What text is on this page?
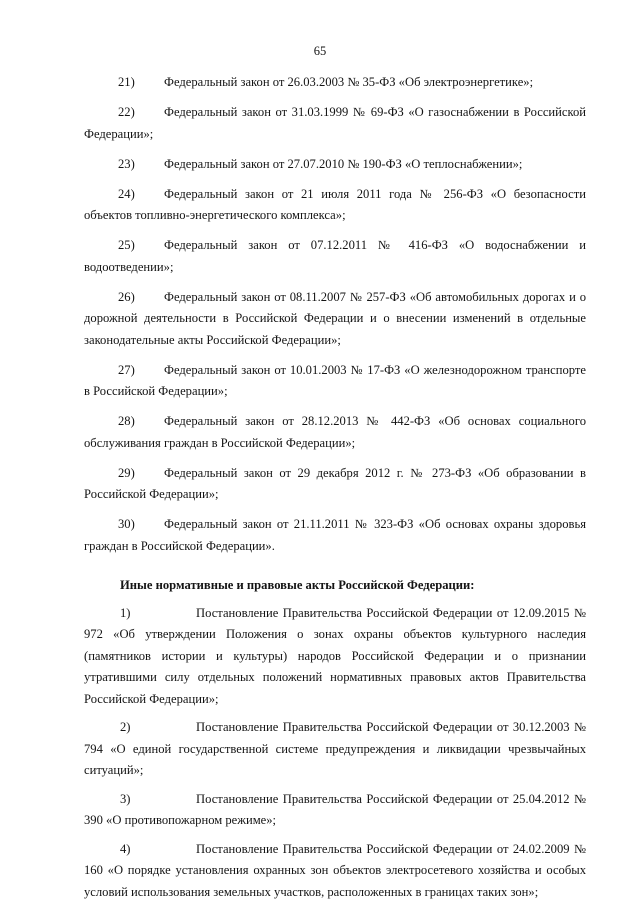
65

21) Федеральный закон от 26.03.2003 № 35-ФЗ «Об электроэнергетике»;

22) Федеральный закон от 31.03.1999 № 69-ФЗ «О газоснабжении в Российской Федерации»;

23) Федеральный закон от 27.07.2010 № 190-ФЗ «О теплоснабжении»;

24) Федеральный закон от 21 июля 2011 года № 256-ФЗ «О безопасности объектов топливно-энергетического комплекса»;

25) Федеральный закон от 07.12.2011 № 416-ФЗ «О водоснабжении и водоотведении»;

26) Федеральный закон от 08.11.2007 № 257-ФЗ «Об автомобильных дорогах и о дорожной деятельности в Российской Федерации и о внесении изменений в отдельные законодательные акты Российской Федерации»;

27) Федеральный закон от 10.01.2003 № 17-ФЗ «О железнодорожном транспорте в Российской Федерации»;

28) Федеральный закон от 28.12.2013 № 442-ФЗ «Об основах социального обслуживания граждан в Российской Федерации»;

29) Федеральный закон от 29 декабря 2012 г. № 273-ФЗ «Об образовании в Российской Федерации»;

30) Федеральный закон от 21.11.2011 № 323-ФЗ «Об основах охраны здоровья граждан в Российской Федерации».

Иные нормативные и правовые акты Российской Федерации:

1)	Постановление Правительства Российской Федерации от 12.09.2015 № 972 «Об утверждении Положения о зонах охраны объектов культурного наследия (памятников истории и культуры) народов Российской Федерации и о признании утратившими силу отдельных положений нормативных правовых актов Правительства Российской Федерации»;

2)	Постановление Правительства Российской Федерации от 30.12.2003 № 794 «О единой государственной системе предупреждения и ликвидации чрезвычайных ситуаций»;

3)	Постановление Правительства Российской Федерации от 25.04.2012 № 390 «О противопожарном режиме»;

4)	Постановление Правительства Российской Федерации от 24.02.2009 № 160 «О порядке установления охранных зон объектов электросетевого хозяйства и особых условий использования земельных участков, расположенных в границах таких зон»;
